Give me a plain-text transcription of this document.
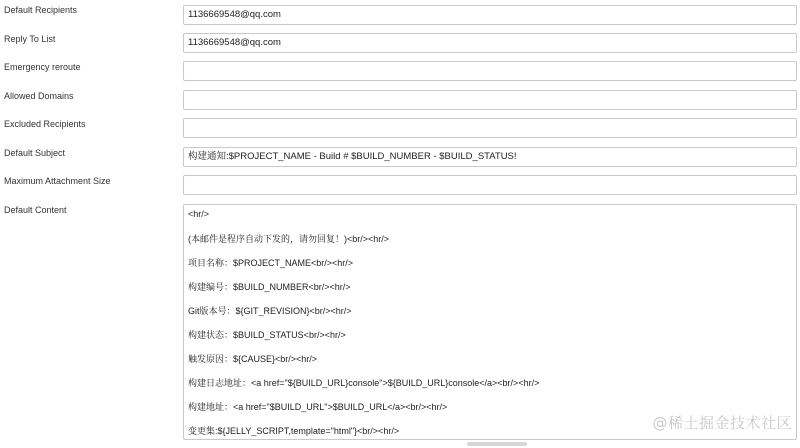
Default Recipients	1136669548@qq.com
Reply To List	1136669548@qq.com
Emergency reroute
Allowed Domains
Excluded Recipients
Default Subject	构建通知:$PROJECT_NAME - Build # $BUILD_NUMBER - $BUILD_STATUS!
Maximum Attachment Size
Default Content	<hr/>
(本邮件是程序自动下发的，请勿回复！)<br/><hr/>
项目名称：$PROJECT_NAME<br/><hr/>
构建编号：$BUILD_NUMBER<br/><hr/>
Git版本号：${GIT_REVISION}<br/><hr/>
构建状态：$BUILD_STATUS<br/><hr/>
触发原因：${CAUSE}<br/><hr/>
构建日志地址：<a href="${BUILD_URL}console">${BUILD_URL}console</a><br/><hr/>
构建地址：<a href="$BUILD_URL">$BUILD_URL</a><br/><hr/>
变更集:${JELLY_SCRIPT,template="html"}<br/><hr/>	@稀土掘金技术社区
